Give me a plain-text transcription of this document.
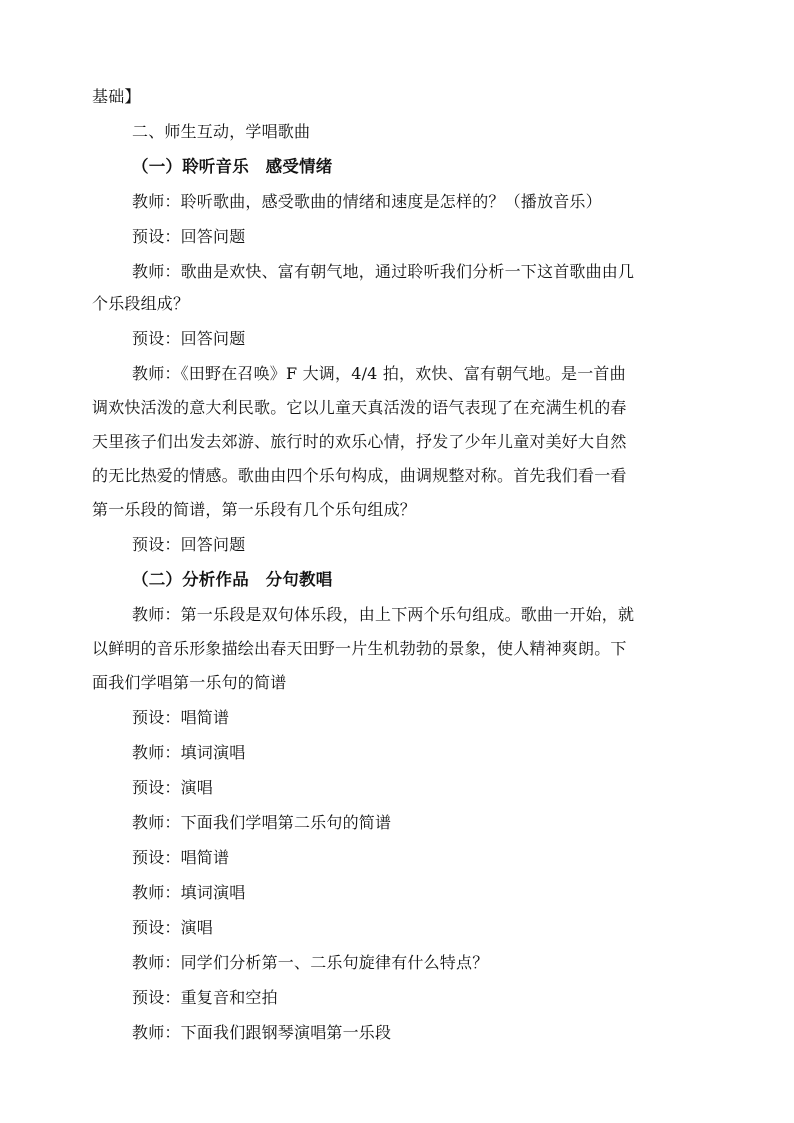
基础】
二、师生互动，学唱歌曲
（一）聆听音乐　感受情绪
教师：聆听歌曲，感受歌曲的情绪和速度是怎样的？（播放音乐）
预设：回答问题
教师：歌曲是欢快、富有朝气地，通过聆听我们分析一下这首歌曲由几
个乐段组成？
预设：回答问题
教师：《田野在召唤》F 大调，4/4 拍，欢快、富有朝气地。是一首曲
调欢快活泼的意大利民歌。它以儿童天真活泼的语气表现了在充满生机的春
天里孩子们出发去郊游、旅行时的欢乐心情，抒发了少年儿童对美好大自然
的无比热爱的情感。歌曲由四个乐句构成，曲调规整对称。首先我们看一看
第一乐段的简谱，第一乐段有几个乐句组成？
预设：回答问题
（二）分析作品　分句教唱
教师：第一乐段是双句体乐段，由上下两个乐句组成。歌曲一开始，就
以鲜明的音乐形象描绘出春天田野一片生机勃勃的景象，使人精神爽朗。下
面我们学唱第一乐句的简谱
预设：唱简谱
教师：填词演唱
预设：演唱
教师：下面我们学唱第二乐句的简谱
预设：唱简谱
教师：填词演唱
预设：演唱
教师：同学们分析第一、二乐句旋律有什么特点？
预设：重复音和空拍
教师：下面我们跟钢琴演唱第一乐段
